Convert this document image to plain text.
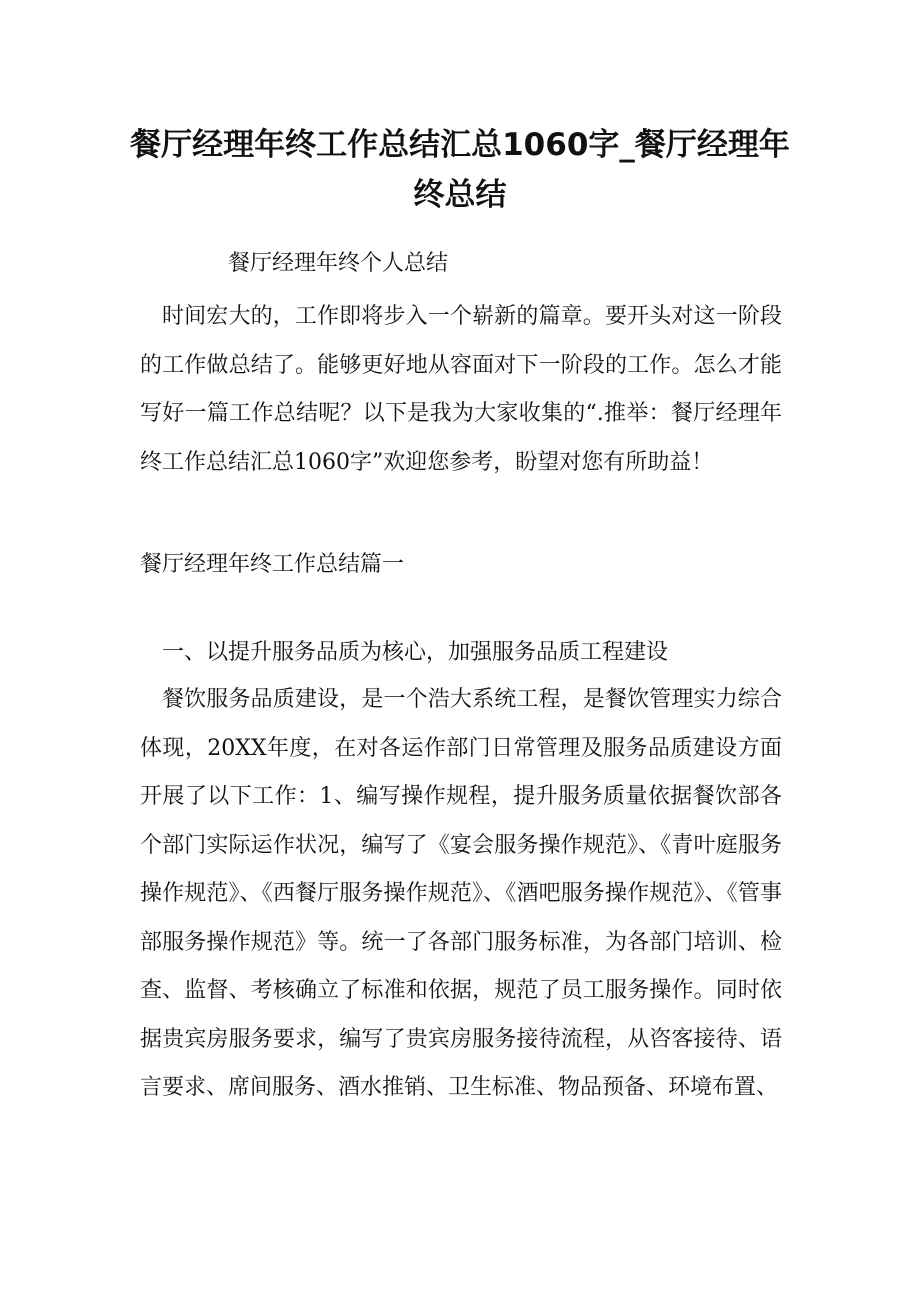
餐厅经理年终工作总结汇总1060字_餐厅经理年终总结

餐厅经理年终个人总结

时间宏大的，工作即将步入一个崭新的篇章。要开头对这一阶段的工作做总结了。能够更好地从容面对下一阶段的工作。怎么才能写好一篇工作总结呢？以下是我为大家收集的“.推举：餐厅经理年终工作总结汇总1060字”欢迎您参考，盼望对您有所助益！

餐厅经理年终工作总结篇一

一、以提升服务品质为核心，加强服务品质工程建设

餐饮服务品质建设，是一个浩大系统工程，是餐饮管理实力综合体现，20XX年度，在对各运作部门日常管理及服务品质建设方面开展了以下工作：1、编写操作规程，提升服务质量依据餐饮部各个部门实际运作状况，编写了《宴会服务操作规范》、《青叶庭服务操作规范》、《西餐厅服务操作规范》、《酒吧服务操作规范》、《管事部服务操作规范》等。统一了各部门服务标准，为各部门培训、检查、监督、考核确立了标准和依据，规范了员工服务操作。同时依据贵宾房服务要求，编写了贵宾房服务接待流程，从咨客接待、语言要求、席间服务、酒水推销、卫生标准、物品预备、环境布置、
